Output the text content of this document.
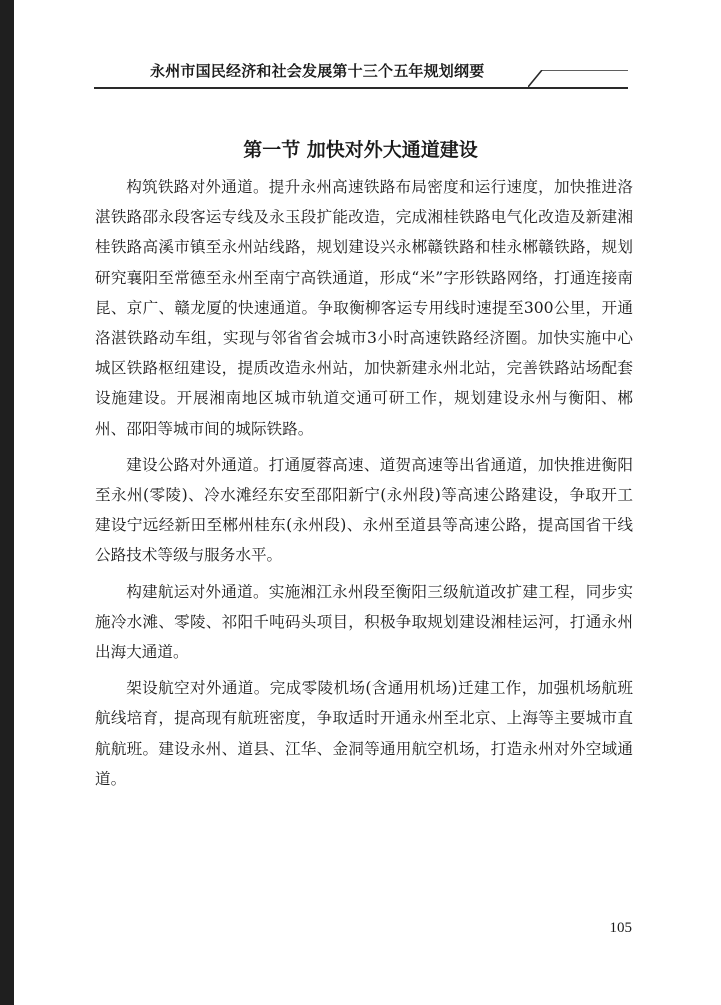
永州市国民经济和社会发展第十三个五年规划纲要
第一节 加快对外大通道建设

构筑铁路对外通道。提升永州高速铁路布局密度和运行速度，加快推进洛湛铁路邵永段客运专线及永玉段扩能改造，完成湘桂铁路电气化改造及新建湘桂铁路高溪市镇至永州站线路，规划建设兴永郴赣铁路和桂永郴赣铁路，规划研究襄阳至常德至永州至南宁高铁通道，形成“米”字形铁路网络，打通连接南昆、京广、赣龙厦的快速通道。争取衡柳客运专用线时速提至300公里，开通洛湛铁路动车组，实现与邻省省会城市3小时高速铁路经济圈。加快实施中心城区铁路枢纽建设，提质改造永州站，加快新建永州北站，完善铁路站场配套设施建设。开展湘南地区城市轨道交通可研工作，规划建设永州与衡阳、郴州、邵阳等城市间的城际铁路。

建设公路对外通道。打通厦蓉高速、道贺高速等出省通道，加快推进衡阳至永州(零陵)、冷水滩经东安至邵阳新宁(永州段)等高速公路建设，争取开工建设宁远经新田至郴州桂东(永州段)、永州至道县等高速公路，提高国省干线公路技术等级与服务水平。

构建航运对外通道。实施湘江永州段至衡阳三级航道改扩建工程，同步实施冷水滩、零陵、祁阳千吨码头项目，积极争取规划建设湘桂运河，打通永州出海大通道。

架设航空对外通道。完成零陵机场(含通用机场)迁建工作，加强机场航班航线培育，提高现有航班密度，争取适时开通永州至北京、上海等主要城市直航航班。建设永州、道县、江华、金洞等通用航空机场，打造永州对外空域通道。

105
